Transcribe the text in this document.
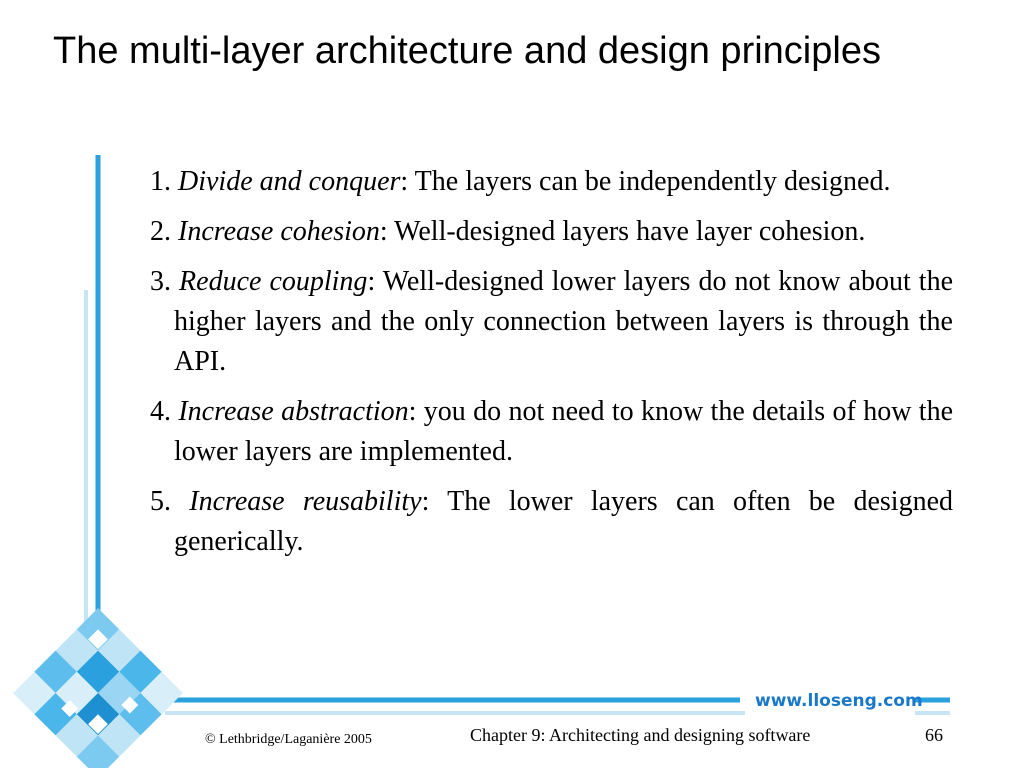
www.lloseng.com
The multi-layer architecture and design principles
1. Divide and conquer: The layers can be independently designed.
2. Increase cohesion: Well-designed layers have layer cohesion.
3. Reduce coupling: Well-designed lower layers do not know about the higher layers and the only connection between layers is through the API.
4. Increase abstraction: you do not need to know the details of how the lower layers are implemented.
5. Increase reusability: The lower layers can often be designed generically.
© Lethbridge/Laganière 2005	Chapter 9: Architecting and designing software	66
